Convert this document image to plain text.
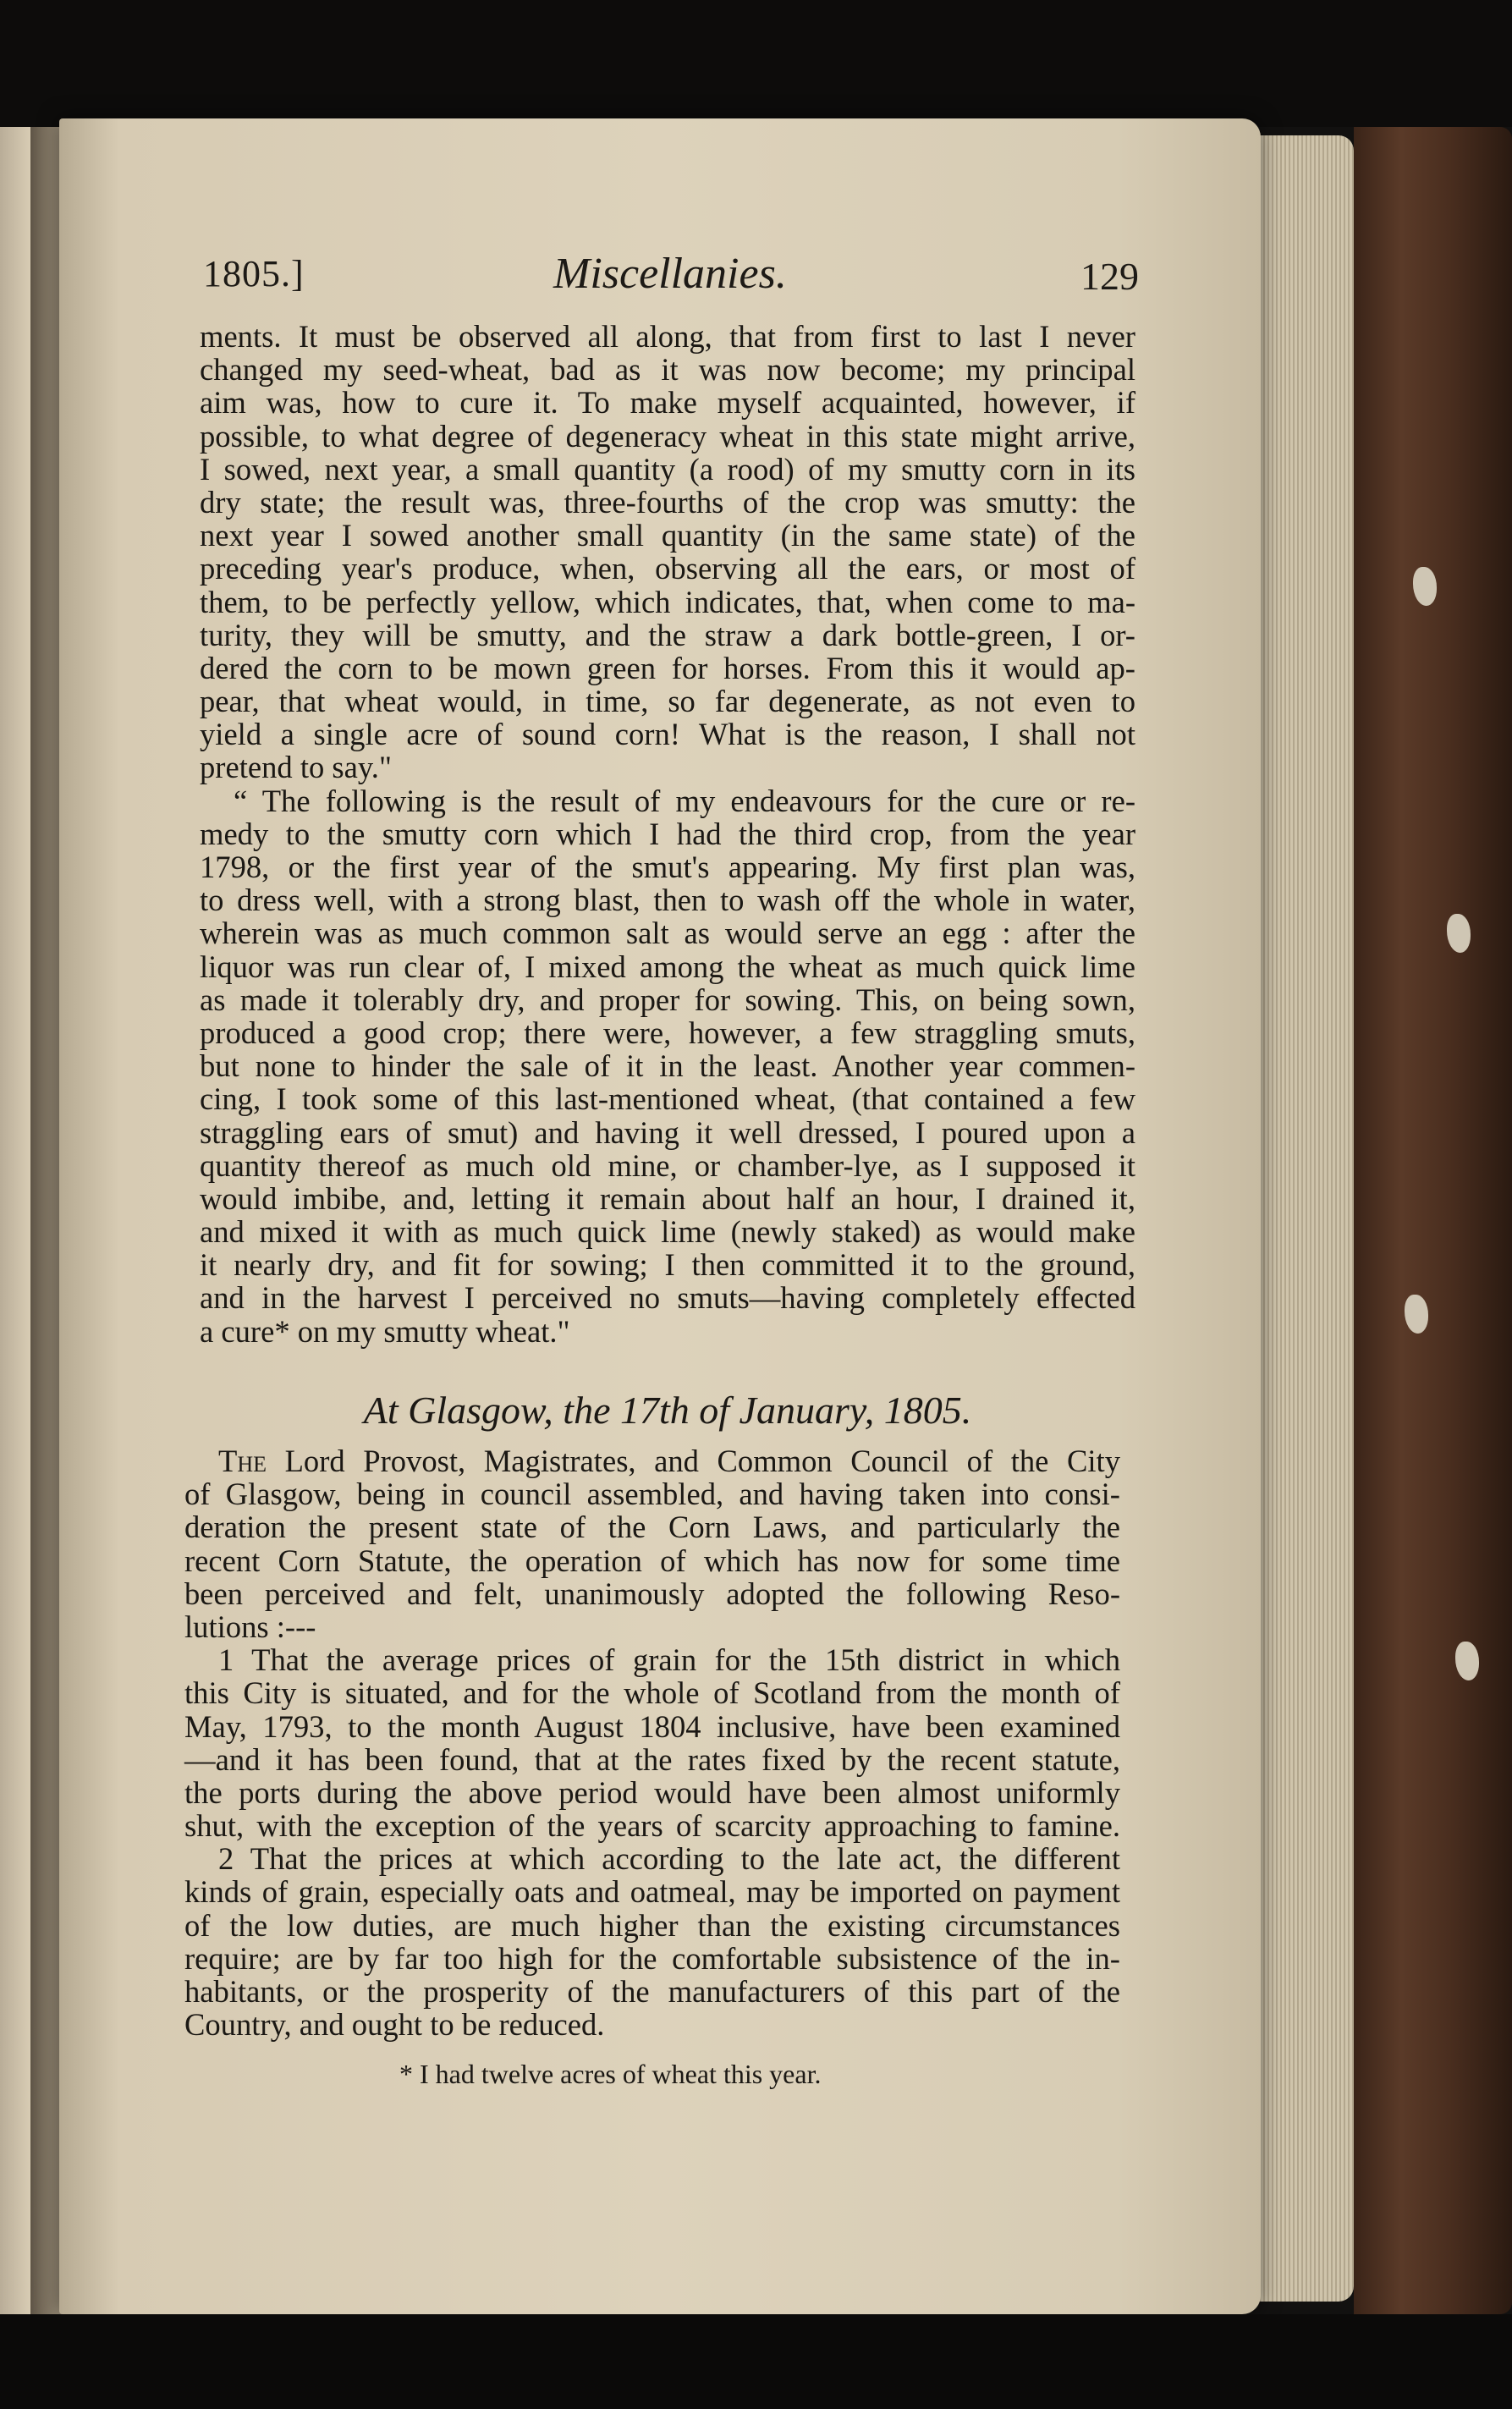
1805.]	Miscellanies.	129
ments. It must be observed all along, that from first to last I never
changed my seed-wheat, bad as it was now become; my principal
aim was, how to cure it. To make myself acquainted, however, if
possible, to what degree of degeneracy wheat in this state might arrive,
I sowed, next year, a small quantity (a rood) of my smutty corn in its
dry state; the result was, three-fourths of the crop was smutty: the
next year I sowed another small quantity (in the same state) of the
preceding year's produce, when, observing all the ears, or most of
them, to be perfectly yellow, which indicates, that, when come to ma-
turity, they will be smutty, and the straw a dark bottle-green, I or-
dered the corn to be mown green for horses. From this it would ap-
pear, that wheat would, in time, so far degenerate, as not even to
yield a single acre of sound corn! What is the reason, I shall not
pretend to say."
“ The following is the result of my endeavours for the cure or re-
medy to the smutty corn which I had the third crop, from the year
1798, or the first year of the smut's appearing. My first plan was,
to dress well, with a strong blast, then to wash off the whole in water,
wherein was as much common salt as would serve an egg : after the
liquor was run clear of, I mixed among the wheat as much quick lime
as made it tolerably dry, and proper for sowing. This, on being sown,
produced a good crop; there were, however, a few straggling smuts,
but none to hinder the sale of it in the least. Another year commen-
cing, I took some of this last-mentioned wheat, (that contained a few
straggling ears of smut) and having it well dressed, I poured upon a
quantity thereof as much old mine, or chamber-lye, as I supposed it
would imbibe, and, letting it remain about half an hour, I drained it,
and mixed it with as much quick lime (newly staked) as would make
it nearly dry, and fit for sowing; I then committed it to the ground,
and in the harvest I perceived no smuts—having completely effected
a cure* on my smutty wheat."
At Glasgow, the 17th of January, 1805.
The Lord Provost, Magistrates, and Common Council of the City
of Glasgow, being in council assembled, and having taken into consi-
deration the present state of the Corn Laws, and particularly the
recent Corn Statute, the operation of which has now for some time
been perceived and felt, unanimously adopted the following Reso-
lutions :---
1 That the average prices of grain for the 15th district in which
this City is situated, and for the whole of Scotland from the month of
May, 1793, to the month August 1804 inclusive, have been examined
—and it has been found, that at the rates fixed by the recent statute,
the ports during the above period would have been almost uniformly
shut, with the exception of the years of scarcity approaching to famine.
2 That the prices at which according to the late act, the different
kinds of grain, especially oats and oatmeal, may be imported on payment
of the low duties, are much higher than the existing circumstances
require; are by far too high for the comfortable subsistence of the in-
habitants, or the prosperity of the manufacturers of this part of the
Country, and ought to be reduced.
* I had twelve acres of wheat this year.
